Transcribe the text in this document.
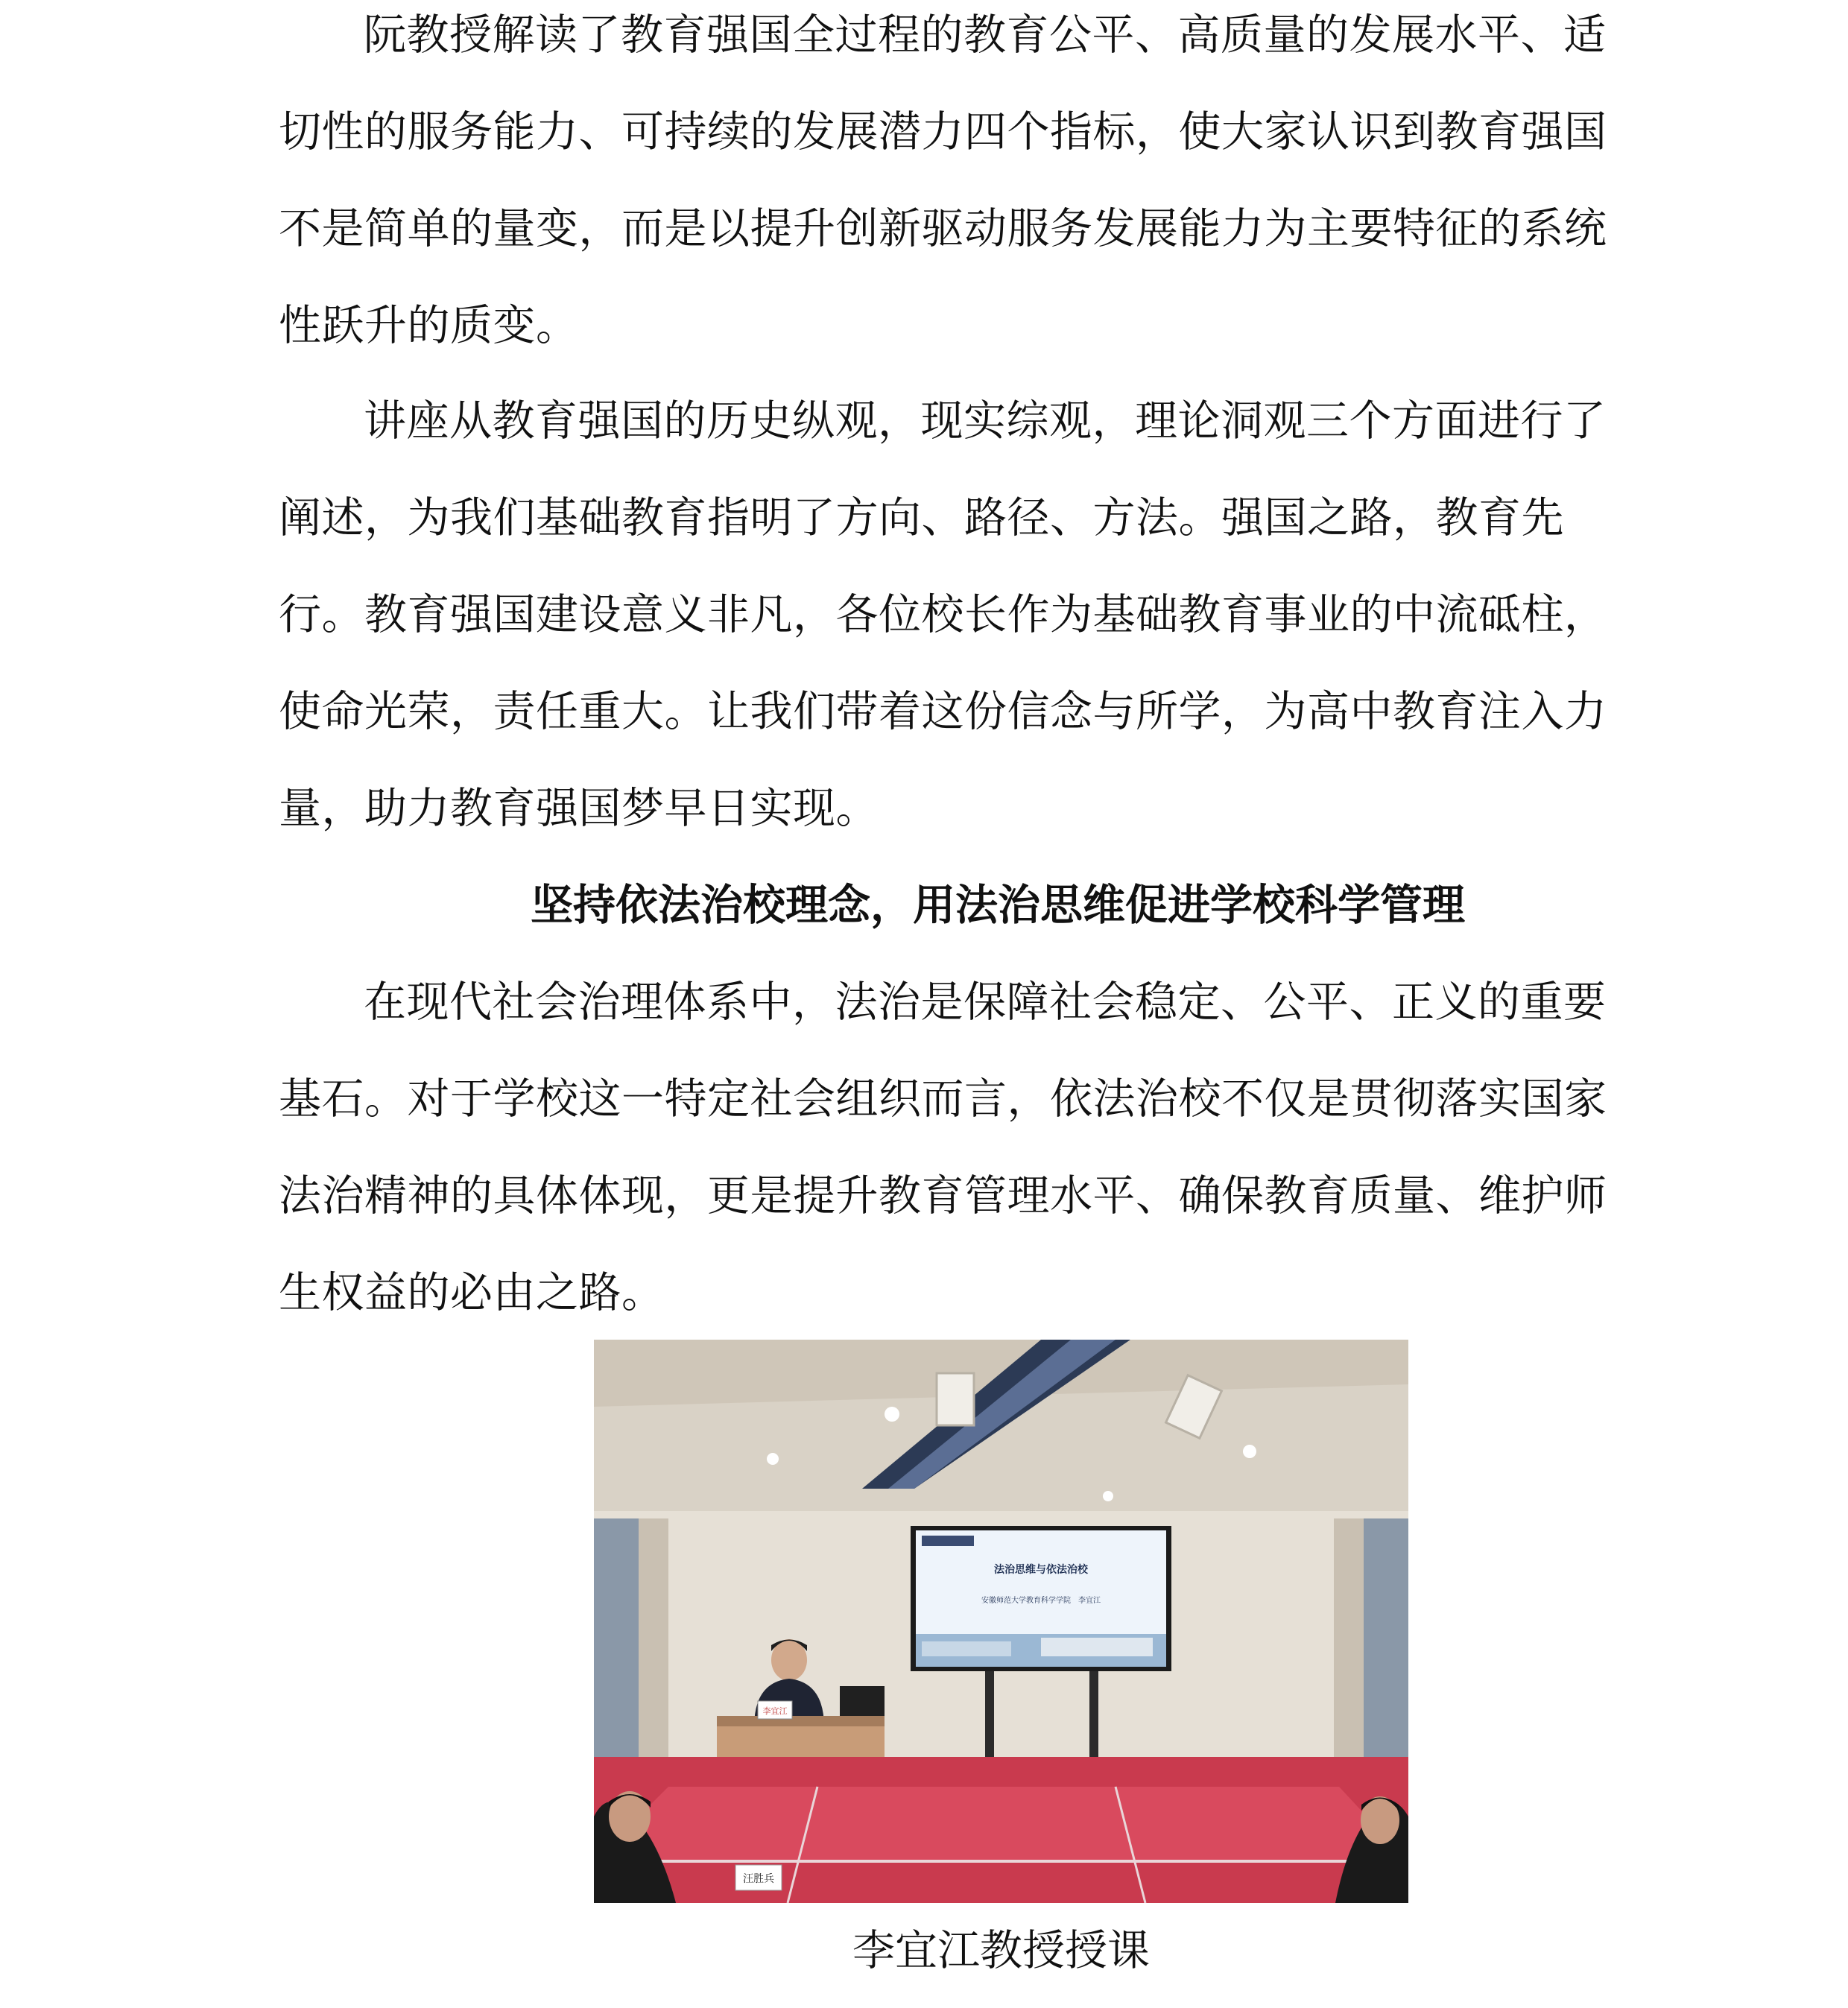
阮教授解读了教育强国全过程的教育公平、高质量的发展水平、适切性的服务能力、可持续的发展潜力四个指标，使大家认识到教育强国不是简单的量变，而是以提升创新驱动服务发展能力为主要特征的系统性跃升的质变。

讲座从教育强国的历史纵观，现实综观，理论洞观三个方面进行了阐述，为我们基础教育指明了方向、路径、方法。强国之路，教育先行。教育强国建设意义非凡，各位校长作为基础教育事业的中流砥柱，使命光荣，责任重大。让我们带着这份信念与所学，为高中教育注入力量，助力教育强国梦早日实现。

坚持依法治校理念，用法治思维促进学校科学管理

在现代社会治理体系中，法治是保障社会稳定、公平、正义的重要基石。对于学校这一特定社会组织而言，依法治校不仅是贯彻落实国家法治精神的具体体现，更是提升教育管理水平、确保教育质量、维护师生权益的必由之路。

法治思维与依法治校
安徽师范大学教育科学学院　李宜江
李宜江
汪胜兵

李宜江教授授课
